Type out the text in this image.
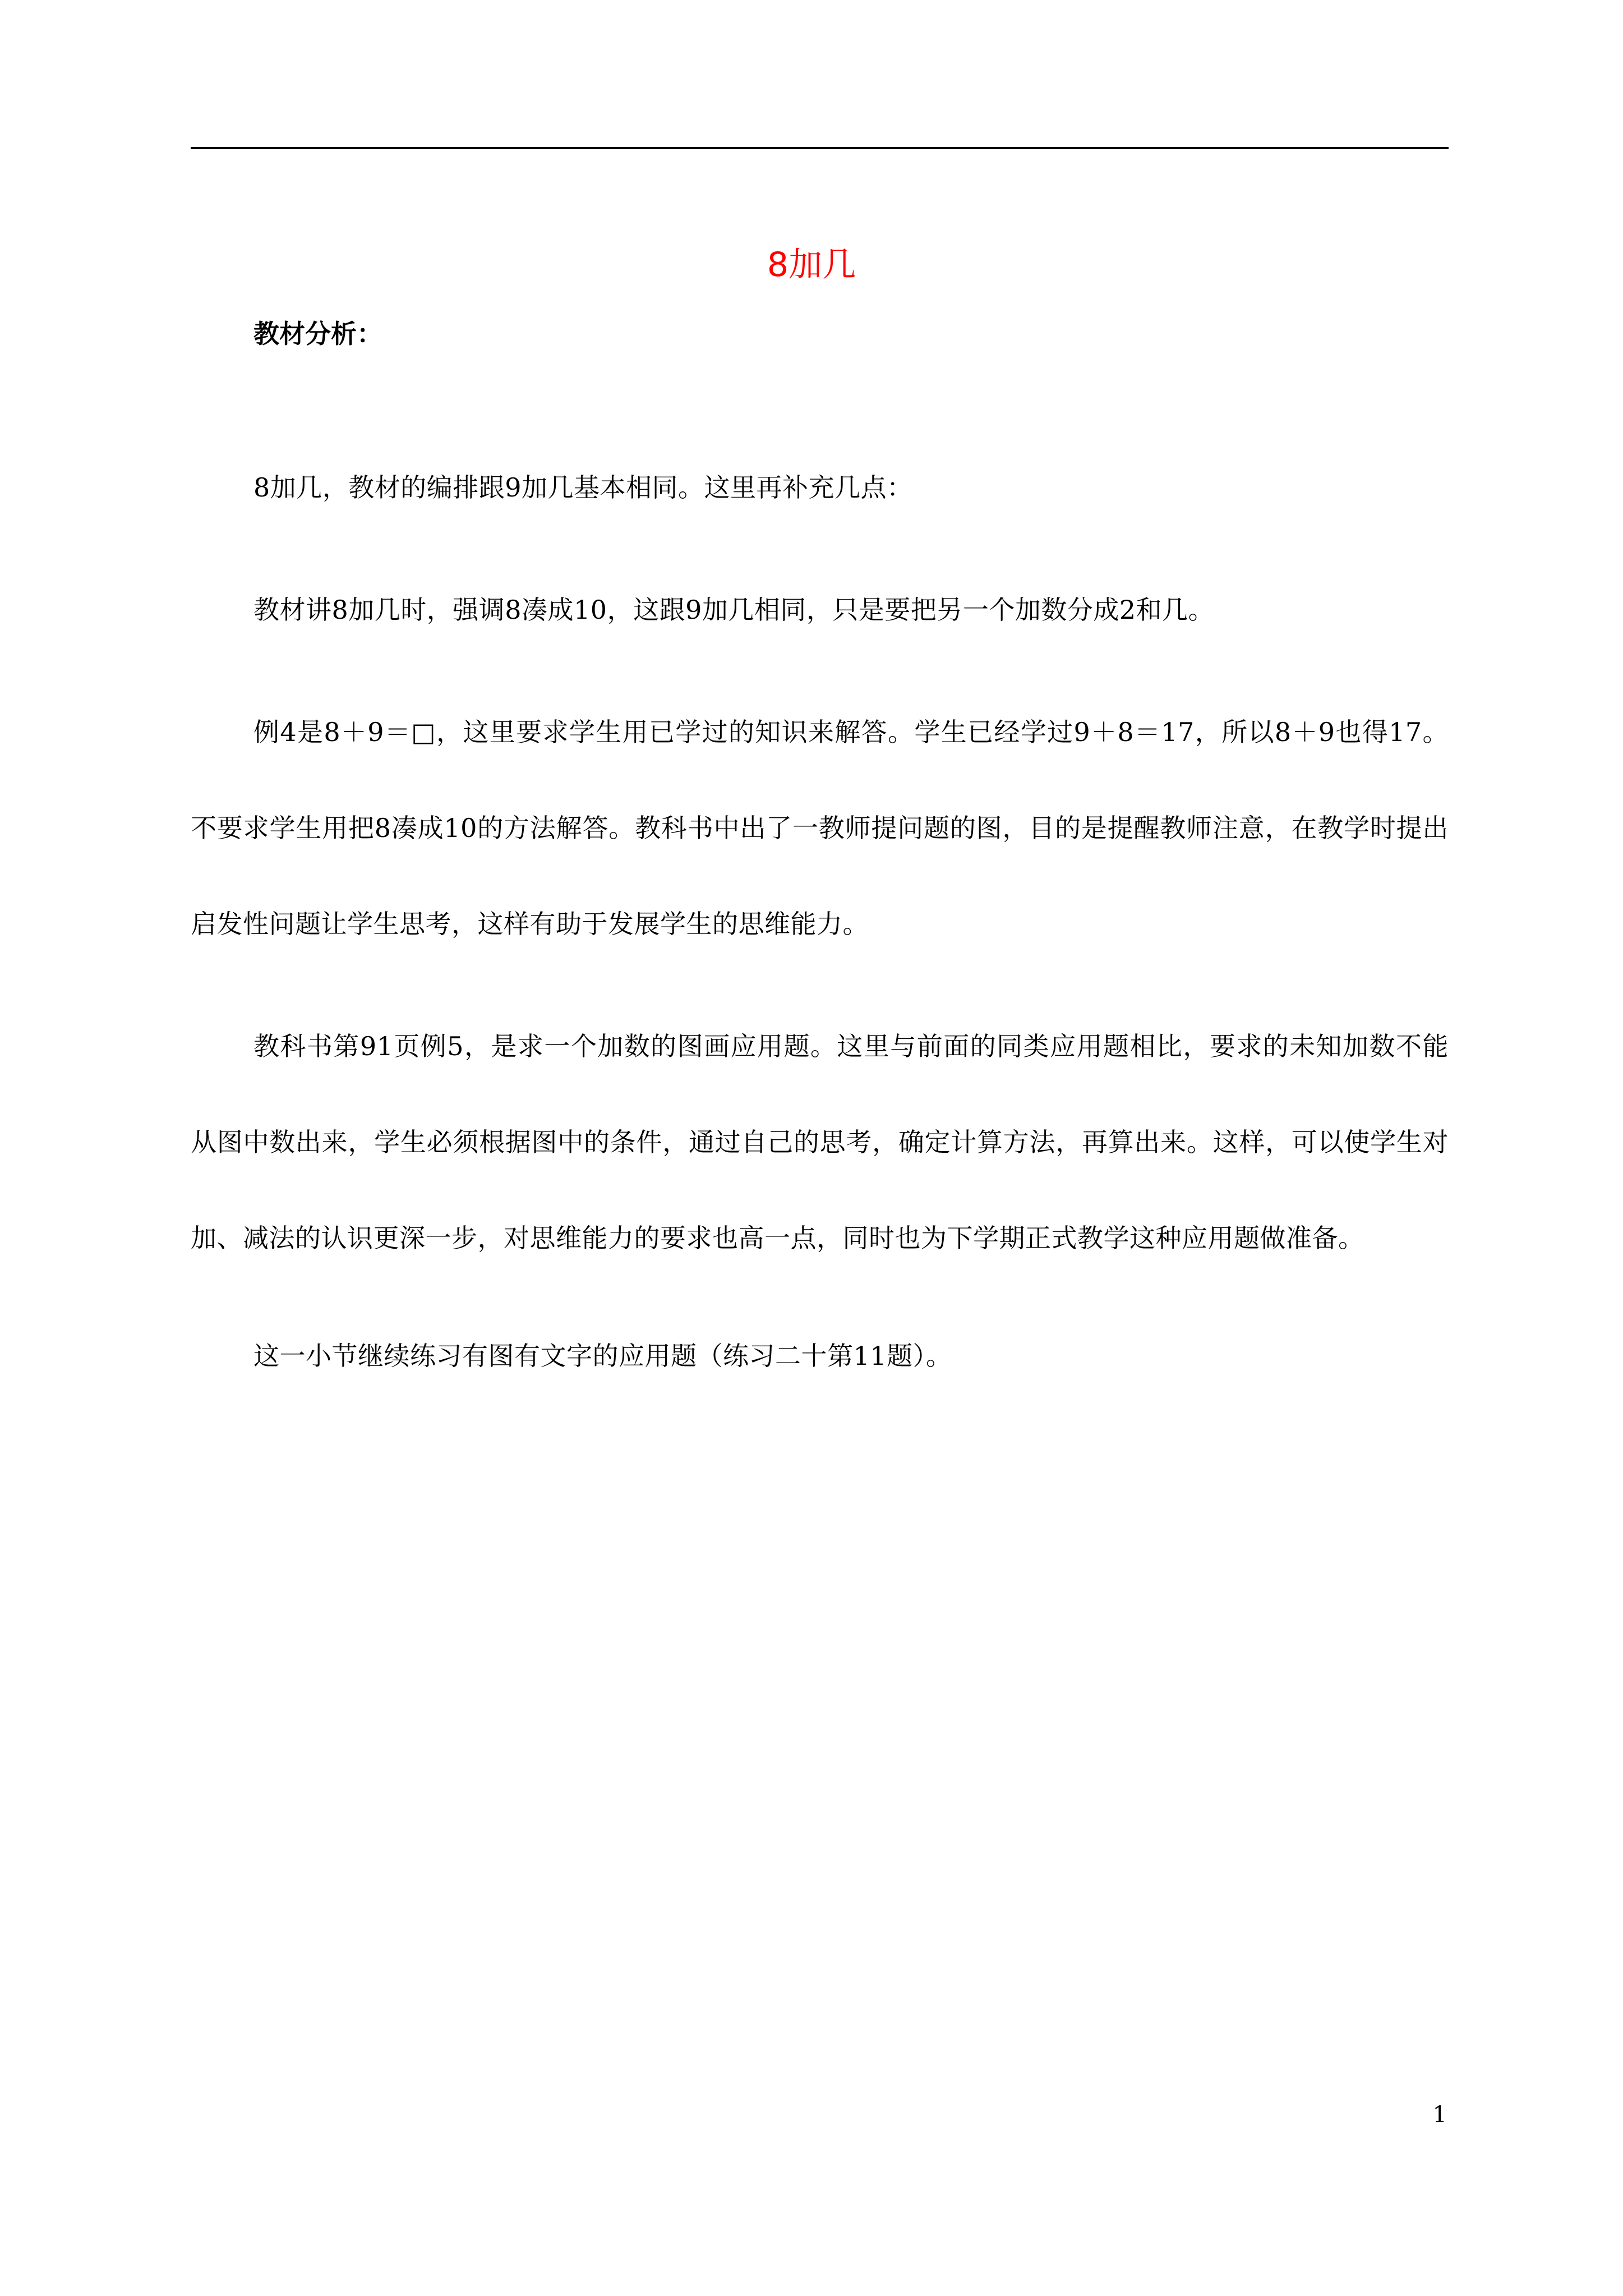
8加几
教材分析：

8加几，教材的编排跟9加几基本相同。这里再补充几点：

教材讲8加几时，强调8凑成10，这跟9加几相同，只是要把另一个加数分成2和几。

例4是8＋9＝□，这里要求学生用已学过的知识来解答。学生已经学过9＋8＝17，所以8＋9也得17。不要求学生用把8凑成10的方法解答。教科书中出了一教师提问题的图，目的是提醒教师注意，在教学时提出启发性问题让学生思考，这样有助于发展学生的思维能力。

教科书第91页例5，是求一个加数的图画应用题。这里与前面的同类应用题相比，要求的未知加数不能从图中数出来，学生必须根据图中的条件，通过自己的思考，确定计算方法，再算出来。这样，可以使学生对加、减法的认识更深一步，对思维能力的要求也高一点，同时也为下学期正式教学这种应用题做准备。

这一小节继续练习有图有文字的应用题（练习二十第11题）。

1
